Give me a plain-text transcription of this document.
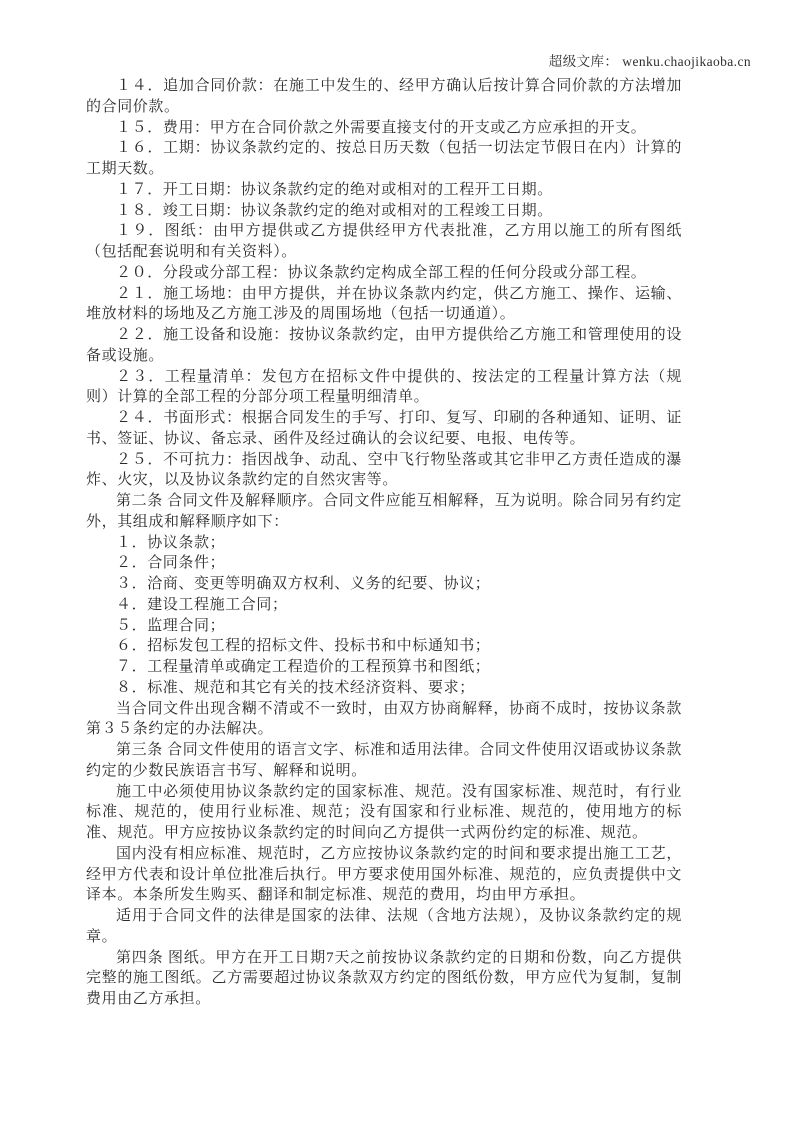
超级文库： wenku.chaojikaoba.cn

１４．追加合同价款：在施工中发生的、经甲方确认后按计算合同价款的方法增加的合同价款。

１５．费用：甲方在合同价款之外需要直接支付的开支或乙方应承担的开支。

１６．工期：协议条款约定的、按总日历天数（包括一切法定节假日在内）计算的工期天数。

１７．开工日期：协议条款约定的绝对或相对的工程开工日期。

１８．竣工日期：协议条款约定的绝对或相对的工程竣工日期。

１９．图纸：由甲方提供或乙方提供经甲方代表批准，乙方用以施工的所有图纸（包括配套说明和有关资料）。

２０．分段或分部工程：协议条款约定构成全部工程的任何分段或分部工程。

２１．施工场地：由甲方提供，并在协议条款内约定，供乙方施工、操作、运输、堆放材料的场地及乙方施工涉及的周围场地（包括一切通道）。

２２．施工设备和设施：按协议条款约定，由甲方提供给乙方施工和管理使用的设备或设施。

２３．工程量清单：发包方在招标文件中提供的、按法定的工程量计算方法（规则）计算的全部工程的分部分项工程量明细清单。

２４．书面形式：根据合同发生的手写、打印、复写、印刷的各种通知、证明、证书、签证、协议、备忘录、函件及经过确认的会议纪要、电报、电传等。

２５．不可抗力：指因战争、动乱、空中飞行物坠落或其它非甲乙方责任造成的瀑炸、火灾，以及协议条款约定的自然灾害等。

第二条 合同文件及解释顺序。合同文件应能互相解释，互为说明。除合同另有约定外，其组成和解释顺序如下：

１．协议条款；

２．合同条件；

３．洽商、变更等明确双方权利、义务的纪要、协议；

４．建设工程施工合同；

５．监理合同；

６．招标发包工程的招标文件、投标书和中标通知书；

７．工程量清单或确定工程造价的工程预算书和图纸；

８．标准、规范和其它有关的技术经济资料、要求；

当合同文件出现含糊不清或不一致时，由双方协商解释，协商不成时，按协议条款第３５条约定的办法解决。

第三条 合同文件使用的语言文字、标准和适用法律。合同文件使用汉语或协议条款约定的少数民族语言书写、解释和说明。

施工中必须使用协议条款约定的国家标准、规范。没有国家标准、规范时，有行业标准、规范的，使用行业标准、规范；没有国家和行业标准、规范的，使用地方的标准、规范。甲方应按协议条款约定的时间向乙方提供一式两份约定的标准、规范。

国内没有相应标准、规范时，乙方应按协议条款约定的时间和要求提出施工工艺，经甲方代表和设计单位批准后执行。甲方要求使用国外标准、规范的，应负责提供中文译本。本条所发生购买、翻译和制定标准、规范的费用，均由甲方承担。

适用于合同文件的法律是国家的法律、法规（含地方法规），及协议条款约定的规章。

第四条 图纸。甲方在开工日期7天之前按协议条款约定的日期和份数，向乙方提供完整的施工图纸。乙方需要超过协议条款双方约定的图纸份数，甲方应代为复制，复制费用由乙方承担。
